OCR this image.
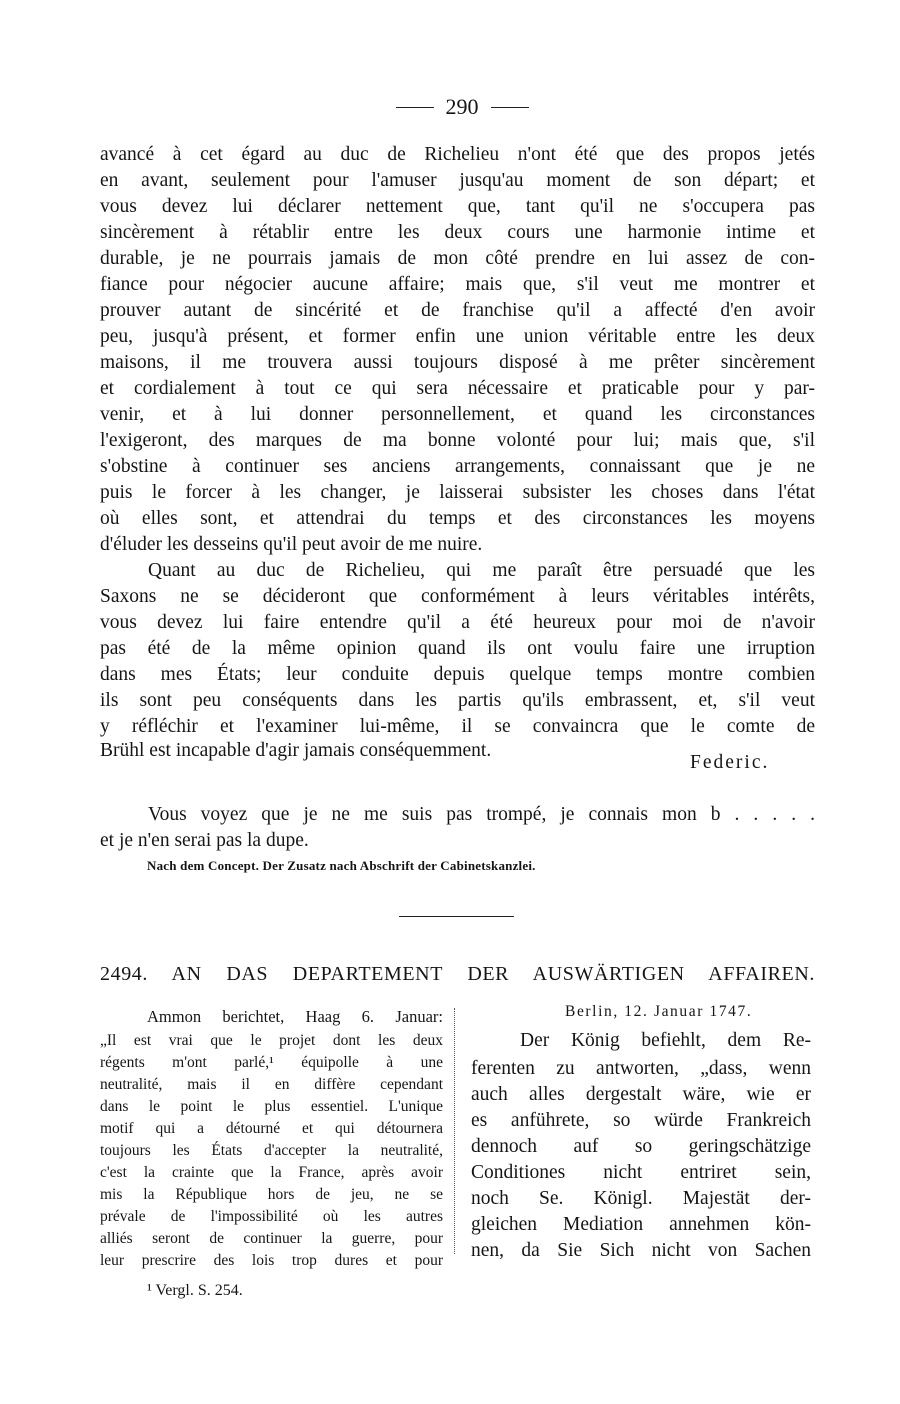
290
avancé à cet égard au duc de Richelieu n'ont été que des propos jetés
en avant, seulement pour l'amuser jusqu'au moment de son départ; et
vous devez lui déclarer nettement que, tant qu'il ne s'occupera pas
sincèrement à rétablir entre les deux cours une harmonie intime et
durable, je ne pourrais jamais de mon côté prendre en lui assez de con-
fiance pour négocier aucune affaire; mais que, s'il veut me montrer et
prouver autant de sincérité et de franchise qu'il a affecté d'en avoir
peu, jusqu'à présent, et former enfin une union véritable entre les deux
maisons, il me trouvera aussi toujours disposé à me prêter sincèrement
et cordialement à tout ce qui sera nécessaire et praticable pour y par-
venir, et à lui donner personnellement, et quand les circonstances
l'exigeront, des marques de ma bonne volonté pour lui; mais que, s'il
s'obstine à continuer ses anciens arrangements, connaissant que je ne
puis le forcer à les changer, je laisserai subsister les choses dans l'état
où elles sont, et attendrai du temps et des circonstances les moyens
d'éluder les desseins qu'il peut avoir de me nuire.
Quant au duc de Richelieu, qui me paraît être persuadé que les
Saxons ne se décideront que conformément à leurs véritables intérêts,
vous devez lui faire entendre qu'il a été heureux pour moi de n'avoir
pas été de la même opinion quand ils ont voulu faire une irruption
dans mes États; leur conduite depuis quelque temps montre combien
ils sont peu conséquents dans les partis qu'ils embrassent, et, s'il veut
y réfléchir et l'examiner lui-même, il se convaincra que le comte de
Brühl est incapable d'agir jamais conséquemment.
Federic.
Vous voyez que je ne me suis pas trompé, je connais mon b . . . . .
et je n'en serai pas la dupe.
Nach dem Concept. Der Zusatz nach Abschrift der Cabinetskanzlei.
2494. AN DAS DEPARTEMENT DER AUSWÄRTIGEN AFFAIREN.
Ammon berichtet, Haag 6. Januar:
„Il est vrai que le projet dont les deux
régents m'ont parlé,¹ équipolle à une
neutralité, mais il en diffère cependant
dans le point le plus essentiel. L'unique
motif qui a détourné et qui détournera
toujours les États d'accepter la neutralité,
c'est la crainte que la France, après avoir
mis la République hors de jeu, ne se
prévale de l'impossibilité où les autres
alliés seront de continuer la guerre, pour
leur prescrire des lois trop dures et pour
Berlin, 12. Januar 1747.
Der König befiehlt, dem Re-
ferenten zu antworten, „dass, wenn
auch alles dergestalt wäre, wie er
es anführete, so würde Frankreich
dennoch auf so geringschätzige
Conditiones nicht entriret sein,
noch Se. Königl. Majestät der-
gleichen Mediation annehmen kön-
nen, da Sie Sich nicht von Sachen
¹ Vergl. S. 254.
